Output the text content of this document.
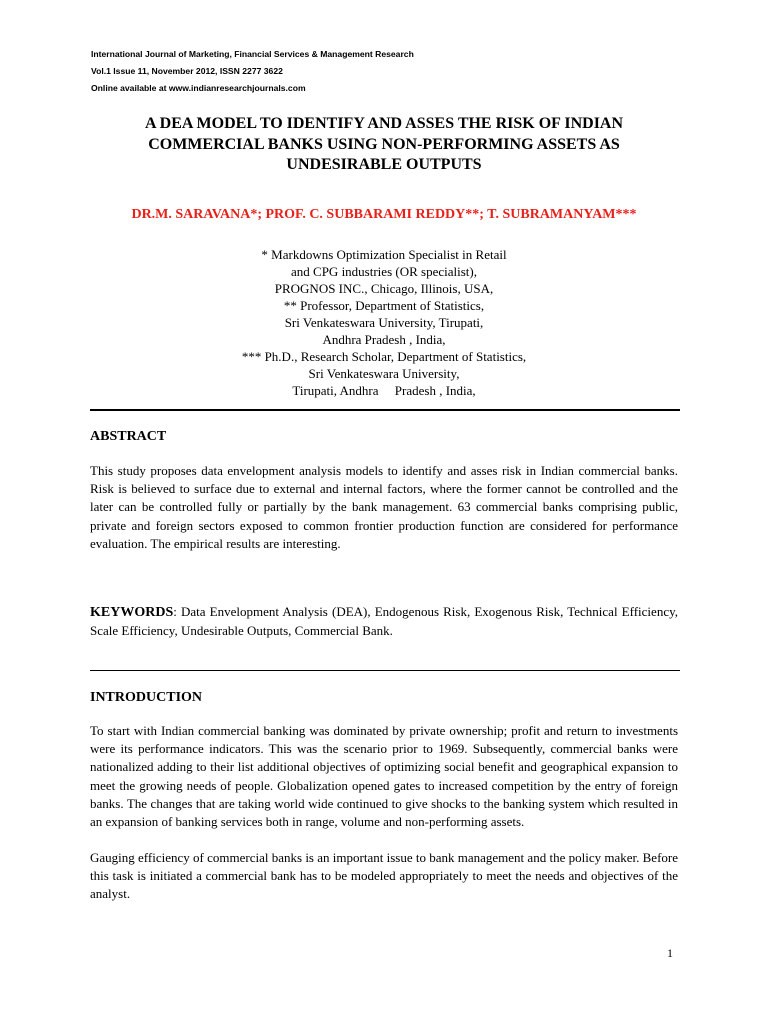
International Journal of Marketing, Financial Services & Management Research
Vol.1 Issue 11, November 2012, ISSN 2277 3622
Online available at www.indianresearchjournals.com
A DEA MODEL TO IDENTIFY AND ASSES THE RISK OF INDIAN
COMMERCIAL BANKS USING NON-PERFORMING ASSETS AS
UNDESIRABLE OUTPUTS
DR.M. SARAVANA*; PROF. C. SUBBARAMI REDDY**; T. SUBRAMANYAM***
* Markdowns Optimization Specialist in Retail
and CPG industries (OR specialist),
PROGNOS INC., Chicago, Illinois, USA,
** Professor, Department of Statistics,
Sri Venkateswara University, Tirupati,
Andhra Pradesh , India,
*** Ph.D., Research Scholar, Department of Statistics,
Sri Venkateswara University,
Tirupati, Andhra     Pradesh , India,
ABSTRACT
This study proposes data envelopment analysis models to identify and asses risk in Indian commercial banks. Risk is believed to surface due to external and internal factors, where the former cannot be controlled and the later can be controlled fully or partially by the bank management. 63 commercial banks comprising public, private and foreign sectors exposed to common frontier production function are considered for performance evaluation. The empirical results are interesting.
KEYWORDS: Data Envelopment Analysis (DEA), Endogenous Risk, Exogenous Risk, Technical Efficiency, Scale Efficiency, Undesirable Outputs, Commercial Bank.
INTRODUCTION
To start with Indian commercial banking was dominated by private ownership; profit and return to investments were its performance indicators. This was the scenario prior to 1969. Subsequently, commercial banks were nationalized adding to their list additional objectives of optimizing social benefit and geographical expansion to meet the growing needs of people. Globalization opened gates to increased competition by the entry of foreign banks. The changes that are taking world wide continued to give shocks to the banking system which resulted in an expansion of banking services both in range, volume and non-performing assets.
Gauging efficiency of commercial banks is an important issue to bank management and the policy maker. Before this task is initiated a commercial bank has to be modeled appropriately to meet the needs and objectives of the analyst.
1
